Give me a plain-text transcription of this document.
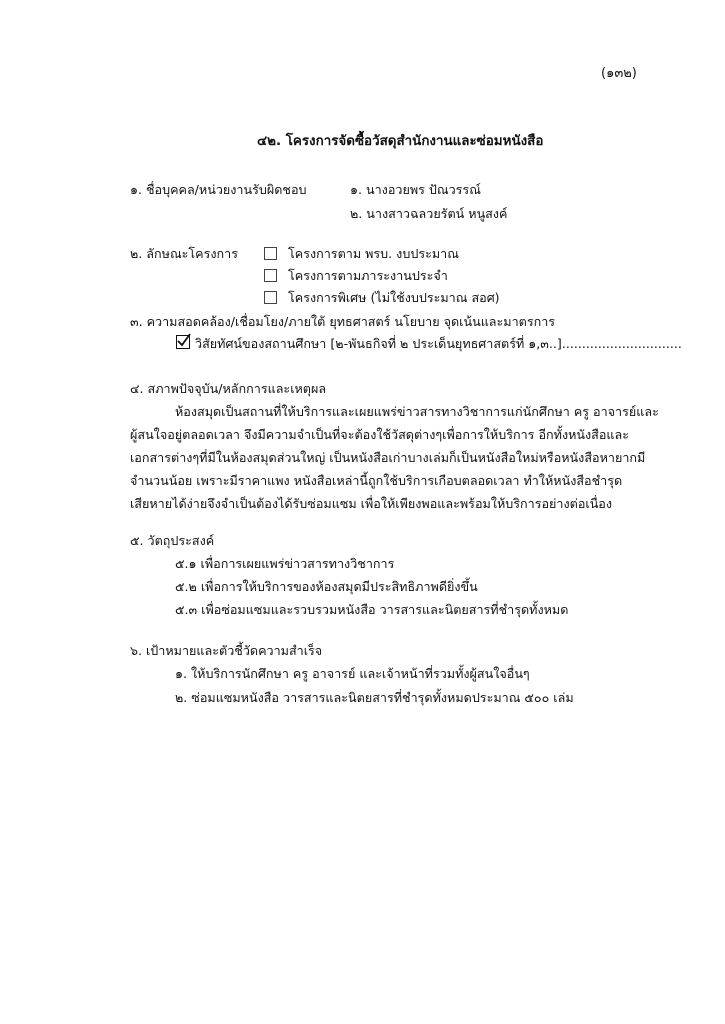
(๑๓๒)
๔๒. โครงการจัดซื้อวัสดุสำนักงานและซ่อมหนังสือ
๑. ชื่อบุคคล/หน่วยงานรับผิดชอบ	๑. นางอวยพร ปัณวรรณ์
๒. นางสาวฉลวยรัตน์ หนูสงค์
๒. ลักษณะโครงการ	โครงการตาม พรบ. งบประมาณ
โครงการตามภาระงานประจำ
โครงการพิเศษ (ไม่ใช้งบประมาณ สอศ)
๓. ความสอดคล้อง/เชื่อมโยง/ภายใต้ ยุทธศาสตร์ นโยบาย จุดเน้นและมาตรการ
วิสัยทัศน์ของสถานศึกษา [๒-พันธกิจที่ ๒ ประเด็นยุทธศาสตร์ที่ ๑,๓..]..............................
๔. สภาพปัจจุบัน/หลักการและเหตุผล
ห้องสมุดเป็นสถานที่ให้บริการและเผยแพร่ข่าวสารทางวิชาการแก่นักศึกษา ครู อาจารย์และ
ผู้สนใจอยู่ตลอดเวลา จึงมีความจำเป็นที่จะต้องใช้วัสดุต่างๆเพื่อการให้บริการ อีกทั้งหนังสือและ
เอกสารต่างๆที่มีในห้องสมุดส่วนใหญ่ เป็นหนังสือเก่าบางเล่มก็เป็นหนังสือใหม่หรือหนังสือหายากมี
จำนวนน้อย เพราะมีราคาแพง หนังสือเหล่านี้ถูกใช้บริการเกือบตลอดเวลา ทำให้หนังสือชำรุด
เสียหายได้ง่ายจึงจำเป็นต้องได้รับซ่อมแซม เพื่อให้เพียงพอและพร้อมให้บริการอย่างต่อเนื่อง
๕. วัตถุประสงค์
๕.๑ เพื่อการเผยแพร่ข่าวสารทางวิชาการ
๕.๒ เพื่อการให้บริการของห้องสมุดมีประสิทธิภาพดียิ่งขึ้น
๕.๓ เพื่อซ่อมแซมและรวบรวมหนังสือ วารสารและนิตยสารที่ชำรุดทั้งหมด
๖. เป้าหมายและตัวชี้วัดความสำเร็จ
๑. ให้บริการนักศึกษา ครู อาจารย์ และเจ้าหน้าที่รวมทั้งผู้สนใจอื่นๆ
๒. ซ่อมแซมหนังสือ วารสารและนิตยสารที่ชำรุดทั้งหมดประมาณ ๕๐๐ เล่ม
